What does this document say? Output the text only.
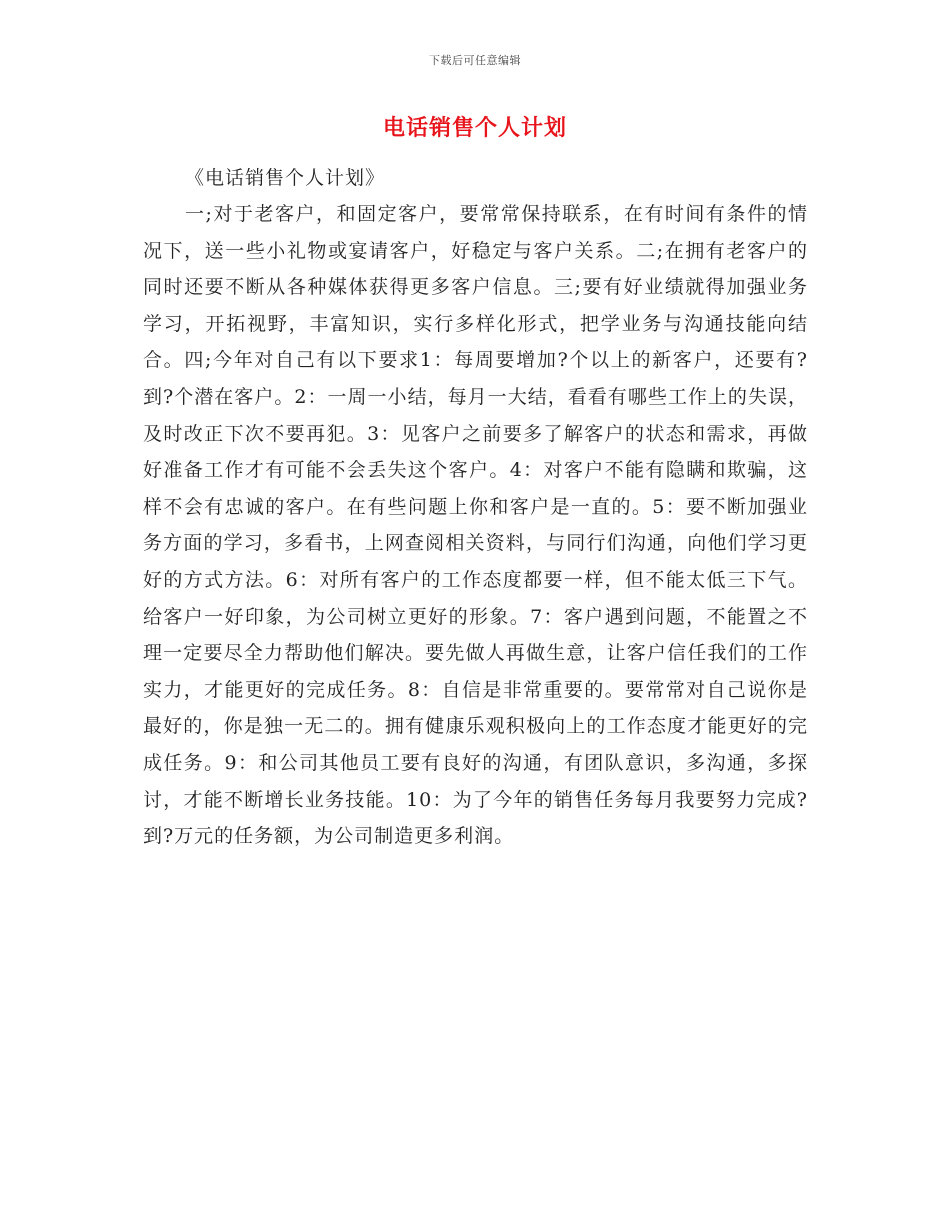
下载后可任意编辑
电话销售个人计划

《电话销售个人计划》

一;对于老客户，和固定客户，要常常保持联系，在有时间有条件的情况下，送一些小礼物或宴请客户，好稳定与客户关系。二;在拥有老客户的同时还要不断从各种媒体获得更多客户信息。三;要有好业绩就得加强业务学习，开拓视野，丰富知识，实行多样化形式，把学业务与沟通技能向结合。四;今年对自己有以下要求1：每周要增加?个以上的新客户，还要有?到?个潜在客户。2：一周一小结，每月一大结，看看有哪些工作上的失误，及时改正下次不要再犯。3：见客户之前要多了解客户的状态和需求，再做好准备工作才有可能不会丢失这个客户。4：对客户不能有隐瞒和欺骗，这样不会有忠诚的客户。在有些问题上你和客户是一直的。5：要不断加强业务方面的学习，多看书，上网查阅相关资料，与同行们沟通，向他们学习更好的方式方法。6：对所有客户的工作态度都要一样，但不能太低三下气。给客户一好印象，为公司树立更好的形象。7：客户遇到问题，不能置之不理一定要尽全力帮助他们解决。要先做人再做生意，让客户信任我们的工作实力，才能更好的完成任务。8：自信是非常重要的。要常常对自己说你是最好的，你是独一无二的。拥有健康乐观积极向上的工作态度才能更好的完成任务。9：和公司其他员工要有良好的沟通，有团队意识，多沟通，多探讨，才能不断增长业务技能。10：为了今年的销售任务每月我要努力完成?到?万元的任务额，为公司制造更多利润。
